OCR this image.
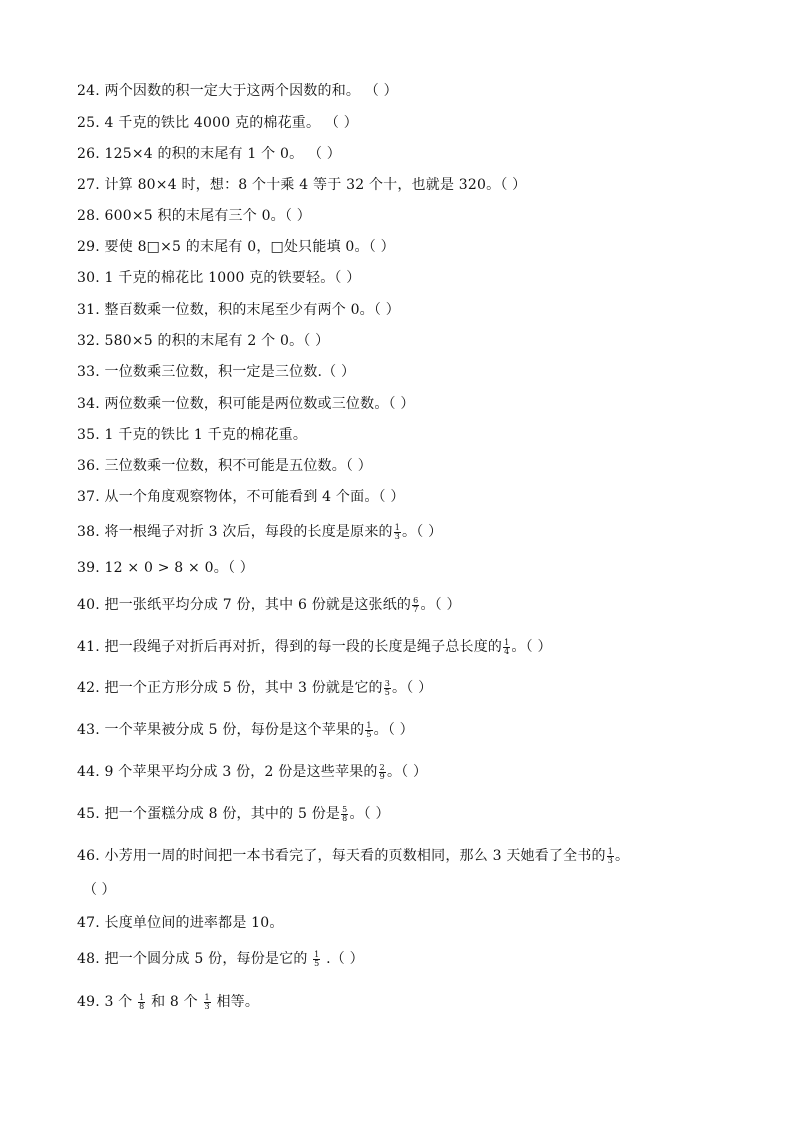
24. 两个因数的积一定大于这两个因数的和。 （ ）
25. 4 千克的铁比 4000 克的棉花重。 （ ）
26. 125×4 的积的末尾有 1 个 0。 （ ）
27. 计算 80×4 时，想：8 个十乘 4 等于 32 个十，也就是 320。（ ）
28. 600×5 积的末尾有三个 0。（ ）
29. 要使 8□×5 的末尾有 0，□处只能填 0。（ ）
30. 1 千克的棉花比 1000 克的铁要轻。（ ）
31. 整百数乘一位数，积的末尾至少有两个 0。（ ）
32. 580×5 的积的末尾有 2 个 0。（ ）
33. 一位数乘三位数，积一定是三位数.（ ）
34. 两位数乘一位数，积可能是两位数或三位数。（ ）
35. 1 千克的铁比 1 千克的棉花重。
36. 三位数乘一位数，积不可能是五位数。（ ）
37. 从一个角度观察物体，不可能看到 4 个面。（ ）
38. 将一根绳子对折 3 次后，每段的长度是原来的 $\frac{1}{3}$ 。（ ）
39. 12 × 0 > 8 × 0。（ ）
40. 把一张纸平均分成 7 份，其中 6 份就是这张纸的 $\frac{6}{7}$ 。（ ）
41. 把一段绳子对折后再对折，得到的每一段的长度是绳子总长度的 $\frac{1}{4}$ 。（ ）
42. 把一个正方形分成 5 份，其中 3 份就是它的 $\frac{3}{5}$ 。（ ）
43. 一个苹果被分成 5 份，每份是这个苹果的 $\frac{1}{5}$ 。（ ）
44. 9 个苹果平均分成 3 份，2 份是这些苹果的 $\frac{2}{9}$ 。（ ）
45. 把一个蛋糕分成 8 份，其中的 5 份是 $\frac{5}{8}$ 。（ ）
46. 小芳用一周的时间把一本书看完了，每天看的页数相同，那么 3 天她看了全书的 $\frac{1}{3}$ 。
（ ）
47. 长度单位间的进率都是 10。
48. 把一个圆分成 5 份，每份是它的 $\frac{1}{5}$ .（ ）
49. 3 个 $\frac{1}{8}$ 和 8 个 $\frac{1}{3}$ 相等。
